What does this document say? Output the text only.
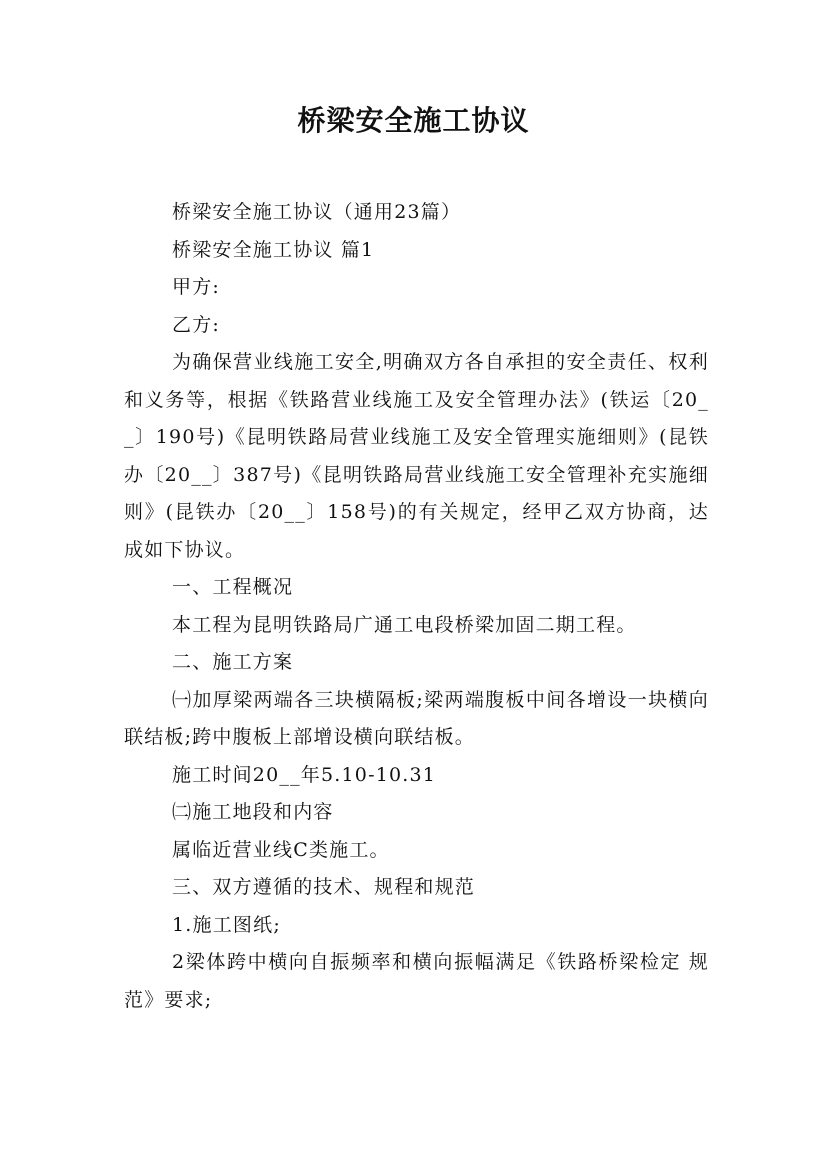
桥梁安全施工协议

桥梁安全施工协议（通用23篇）

桥梁安全施工协议 篇1

甲方:

乙方:

为确保营业线施工安全,明确双方各自承担的安全责任、权利和义务等，根据《铁路营业线施工及安全管理办法》(铁运〔20__〕190号)《昆明铁路局营业线施工及安全管理实施细则》(昆铁办〔20__〕387号)《昆明铁路局营业线施工安全管理补充实施细则》(昆铁办〔20__〕158号)的有关规定，经甲乙双方协商，达成如下协议。

一、工程概况

本工程为昆明铁路局广通工电段桥梁加固二期工程。

二、施工方案

㈠加厚梁两端各三块横隔板;梁两端腹板中间各增设一块横向联结板;跨中腹板上部增设横向联结板。

施工时间20__年5.10-10.31

㈡施工地段和内容

属临近营业线C类施工。

三、双方遵循的技术、规程和规范

1.施工图纸;

2梁体跨中横向自振频率和横向振幅满足《铁路桥梁检定 规范》要求;
